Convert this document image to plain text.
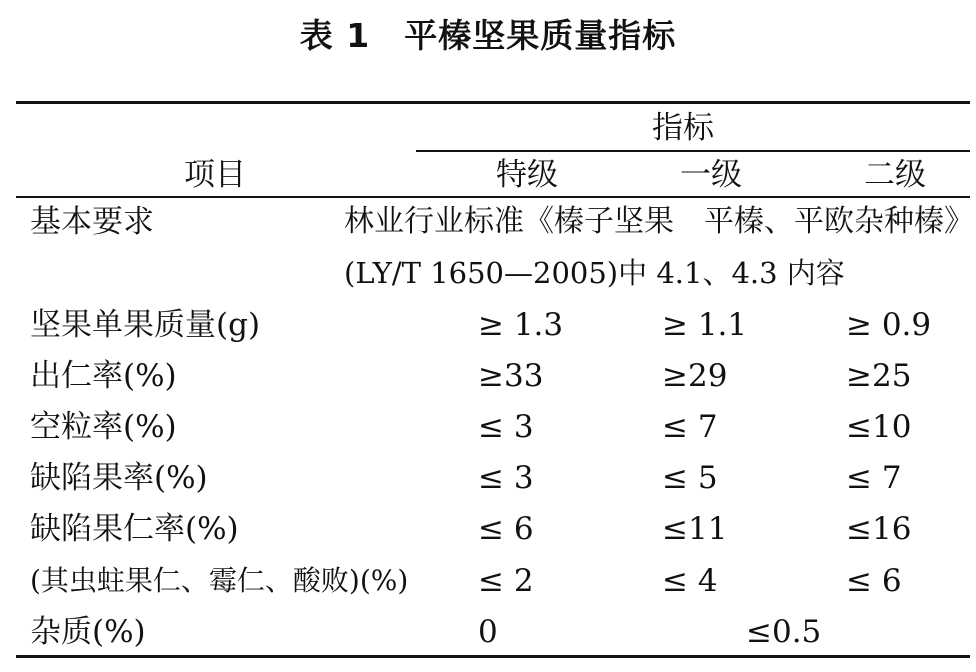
表 1　平榛坚果质量指标
项目
指标
特级	一级	二级
基本要求	林业行业标准《榛子坚果　平榛、平欧杂种榛》
(LY/T 1650—2005)中 4.1、4.3 内容
坚果单果质量(g)	≥ 1.3	≥ 1.1	≥ 0.9
出仁率(%)	≥33	≥29	≥25
空粒率(%)	≤ 3	≤ 7	≤10
缺陷果率(%)	≤ 3	≤ 5	≤ 7
缺陷果仁率(%)	≤ 6	≤11	≤16
(其虫蛀果仁、霉仁、酸败)(%) ≤ 2	≤ 4	≤ 6
杂质(%)	0	≤0.5
